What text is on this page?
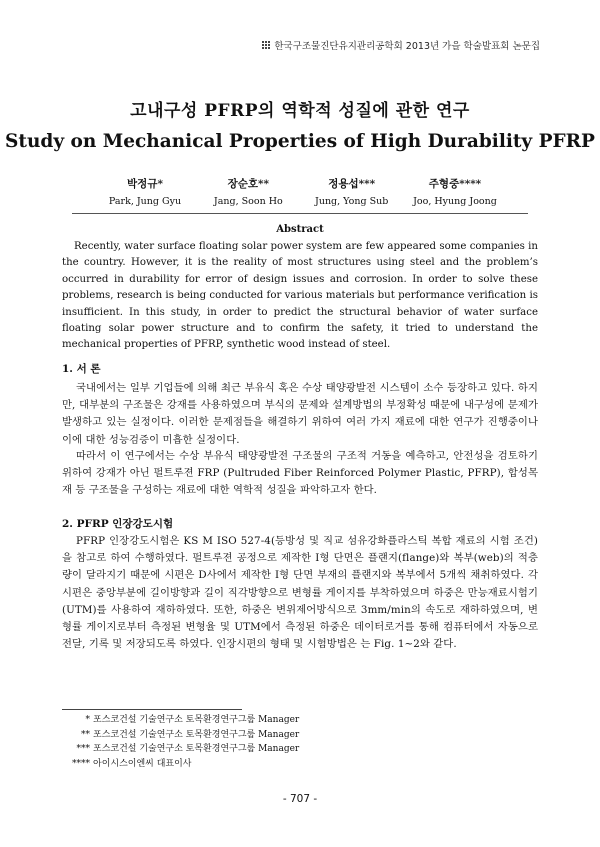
한국구조물진단유지관리공학회 2013년 가을 학술발표회 논문집
고내구성 PFRP의 역학적 성질에 관한 연구
Study on Mechanical Properties of High Durability PFRP
박정규*
Park, Jung Gyu
장순호**
Jang, Soon Ho
정용섭***
Jung, Yong Sub
주형중****
Joo, Hyung Joong
Abstract

Recently, water surface floating solar power system are few appeared some companies in the country. However, it is the reality of most structures using steel and the problem’s occurred in durability for error of design issues and corrosion. In order to solve these problems, research is being conducted for various materials but performance verification is insufficient. In this study, in order to predict the structural behavior of water surface floating solar power structure and to confirm the safety, it tried to understand the mechanical properties of PFRP, synthetic wood instead of steel.

1. 서 론

국내에서는 일부 기업들에 의해 최근 부유식 혹은 수상 태양광발전 시스템이 소수 등장하고 있다. 하지만, 대부분의 구조물은 강재를 사용하였으며 부식의 문제와 설계방법의 부정확성 때문에 내구성에 문제가 발생하고 있는 실정이다. 이러한 문제점들을 해결하기 위하여 여러 가지 재료에 대한 연구가 진행중이나 이에 대한 성능검증이 미흡한 실정이다.

따라서 이 연구에서는 수상 부유식 태양광발전 구조물의 구조적 거동을 예측하고, 안전성을 검토하기 위하여 강재가 아닌 펄트루젼 FRP (Pultruded Fiber Reinforced Polymer Plastic, PFRP), 합성목재 등 구조물을 구성하는 재료에 대한 역학적 성질을 파악하고자 한다.

2. PFRP 인장강도시험

PFRP 인장강도시험은 KS M ISO 527-4(등방성 및 직교 섬유강화플라스틱 복합 재료의 시험 조건)을 참고로 하여 수행하였다. 펄트루젼 공정으로 제작한 I형 단면은 플랜지(flange)와 복부(web)의 적층량이 달라지기 때문에 시편은 D사에서 제작한 I형 단면 부재의 플랜지와 복부에서 5개씩 채취하였다. 각 시편은 중앙부분에 길이방향과 길이 직각방향으로 변형률 게이지를 부착하였으며 하중은 만능재료시험기(UTM)를 사용하여 재하하였다. 또한, 하중은 변위제어방식으로 3mm/min의 속도로 재하하였으며, 변형률 게이지로부터 측정된 변형율 및 UTM에서 측정된 하중은 데이터로거를 통해 컴퓨터에서 자동으로 전달, 기록 및 저장되도록 하였다. 인장시편의 형태 및 시험방법은 는 Fig. 1~2와 같다.

* 포스코건설 기술연구소 토목환경연구그룹 Manager
** 포스코건설 기술연구소 토목환경연구그룹 Manager
*** 포스코건설 기술연구소 토목환경연구그룹 Manager
**** 아이시스이엔씨 대표이사
- 707 -
